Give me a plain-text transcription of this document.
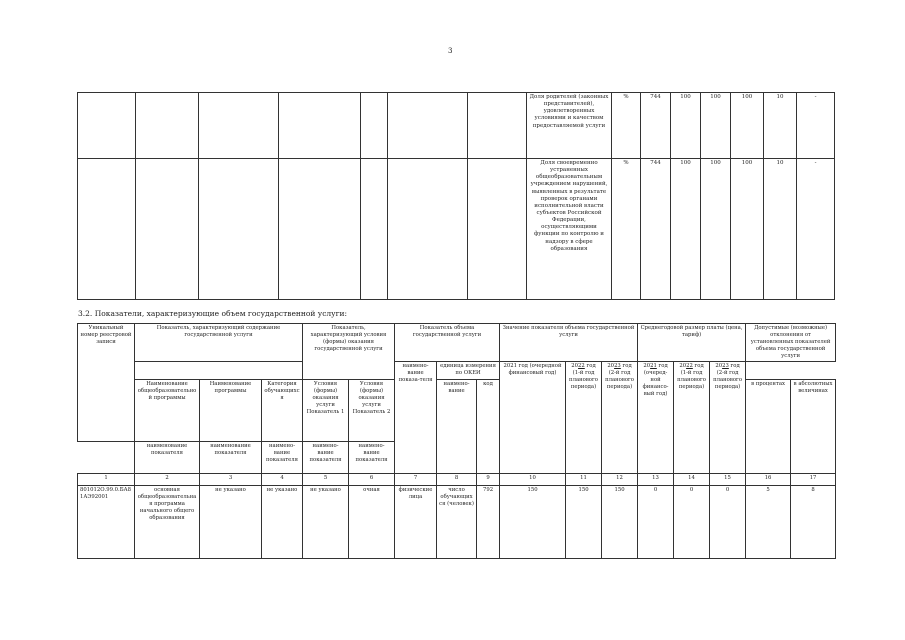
3
							Доля родителей (законных представителей), удовлетворенных условиями и качеством предоставляемой услуги	%	744	100	100	100	10	-
							Доля своевременно устраненных общеобразовательным учреждением нарушений, выявленных в результате проверок органами исполнительной власти субъектов Российской Федерации, осуществляющими функции по контролю и надзору в сфере образования	%	744	100	100	100	10	-
3.2. Показатели, характеризующие объем государственной услуги:
Уникальный номер реестровой записи	Показатель, характеризующий содержание государственной услуги			Показатель, характеризующий условия (формы) оказания государственной услуги		Показатель объема государственной услуги			Значение показателя объема государственной услуги			Среднегодовой размер платы (цена, тариф)			Допустимые (возможные) отклонения от установленных показателей объема государственной услуги	
						наимено-вание показа-теля	единица измерения по ОКЕИ		2021 год (очередной финансовый год)	2022 год (1-й год планового периода)	2023 год (2-й год планового периода)	2021 год (очеред-ной финансо-вый год)	2022 год (1-й год планового периода)	2023 год (2-й год планового периода)		
	Наименование общеобразовательной программы	Наименование программы	Категория обучающихся	Условия (формы) оказания услуги Показатель 1	Условия (формы) оказания услуги Показатель 2		наимено-вание	код							в процентах	в абсолютных величинах
	наименование показателя	наименование показателя	наимено-вание показателя	наимено-вание показателя	наимено-вание показателя											
1	2	3	4	5	6	7	8	9	10	11	12	13	14	15	16	17
801012О.99.0.БА81АЭ92001	основная общеобразовательная программа начального общего образования	не указано	не указано	не указано	очная	физические лица	число обучающихся (человек)	792	150	150	150	0	0	0	5	8
